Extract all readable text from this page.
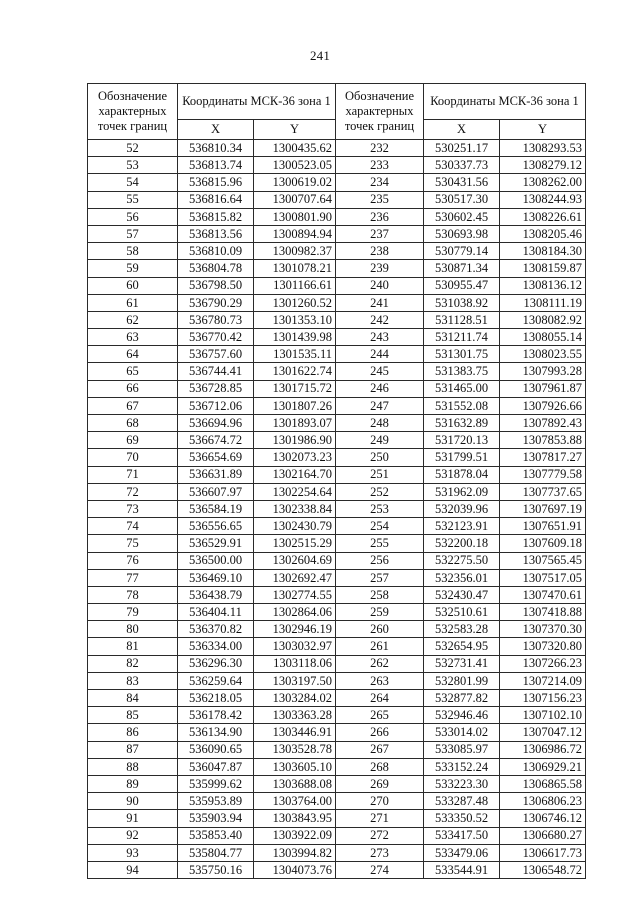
241
Обозначение характерных точек границ	Координаты МСК-36 зона 1		Обозначение характерных точек границ	Координаты МСК-36 зона 1	
	X	Y		X	Y
52	536810.34	1300435.62	232	530251.17	1308293.53
53	536813.74	1300523.05	233	530337.73	1308279.12
54	536815.96	1300619.02	234	530431.56	1308262.00
55	536816.64	1300707.64	235	530517.30	1308244.93
56	536815.82	1300801.90	236	530602.45	1308226.61
57	536813.56	1300894.94	237	530693.98	1308205.46
58	536810.09	1300982.37	238	530779.14	1308184.30
59	536804.78	1301078.21	239	530871.34	1308159.87
60	536798.50	1301166.61	240	530955.47	1308136.12
61	536790.29	1301260.52	241	531038.92	1308111.19
62	536780.73	1301353.10	242	531128.51	1308082.92
63	536770.42	1301439.98	243	531211.74	1308055.14
64	536757.60	1301535.11	244	531301.75	1308023.55
65	536744.41	1301622.74	245	531383.75	1307993.28
66	536728.85	1301715.72	246	531465.00	1307961.87
67	536712.06	1301807.26	247	531552.08	1307926.66
68	536694.96	1301893.07	248	531632.89	1307892.43
69	536674.72	1301986.90	249	531720.13	1307853.88
70	536654.69	1302073.23	250	531799.51	1307817.27
71	536631.89	1302164.70	251	531878.04	1307779.58
72	536607.97	1302254.64	252	531962.09	1307737.65
73	536584.19	1302338.84	253	532039.96	1307697.19
74	536556.65	1302430.79	254	532123.91	1307651.91
75	536529.91	1302515.29	255	532200.18	1307609.18
76	536500.00	1302604.69	256	532275.50	1307565.45
77	536469.10	1302692.47	257	532356.01	1307517.05
78	536438.79	1302774.55	258	532430.47	1307470.61
79	536404.11	1302864.06	259	532510.61	1307418.88
80	536370.82	1302946.19	260	532583.28	1307370.30
81	536334.00	1303032.97	261	532654.95	1307320.80
82	536296.30	1303118.06	262	532731.41	1307266.23
83	536259.64	1303197.50	263	532801.99	1307214.09
84	536218.05	1303284.02	264	532877.82	1307156.23
85	536178.42	1303363.28	265	532946.46	1307102.10
86	536134.90	1303446.91	266	533014.02	1307047.12
87	536090.65	1303528.78	267	533085.97	1306986.72
88	536047.87	1303605.10	268	533152.24	1306929.21
89	535999.62	1303688.08	269	533223.30	1306865.58
90	535953.89	1303764.00	270	533287.48	1306806.23
91	535903.94	1303843.95	271	533350.52	1306746.12
92	535853.40	1303922.09	272	533417.50	1306680.27
93	535804.77	1303994.82	273	533479.06	1306617.73
94	535750.16	1304073.76	274	533544.91	1306548.72
